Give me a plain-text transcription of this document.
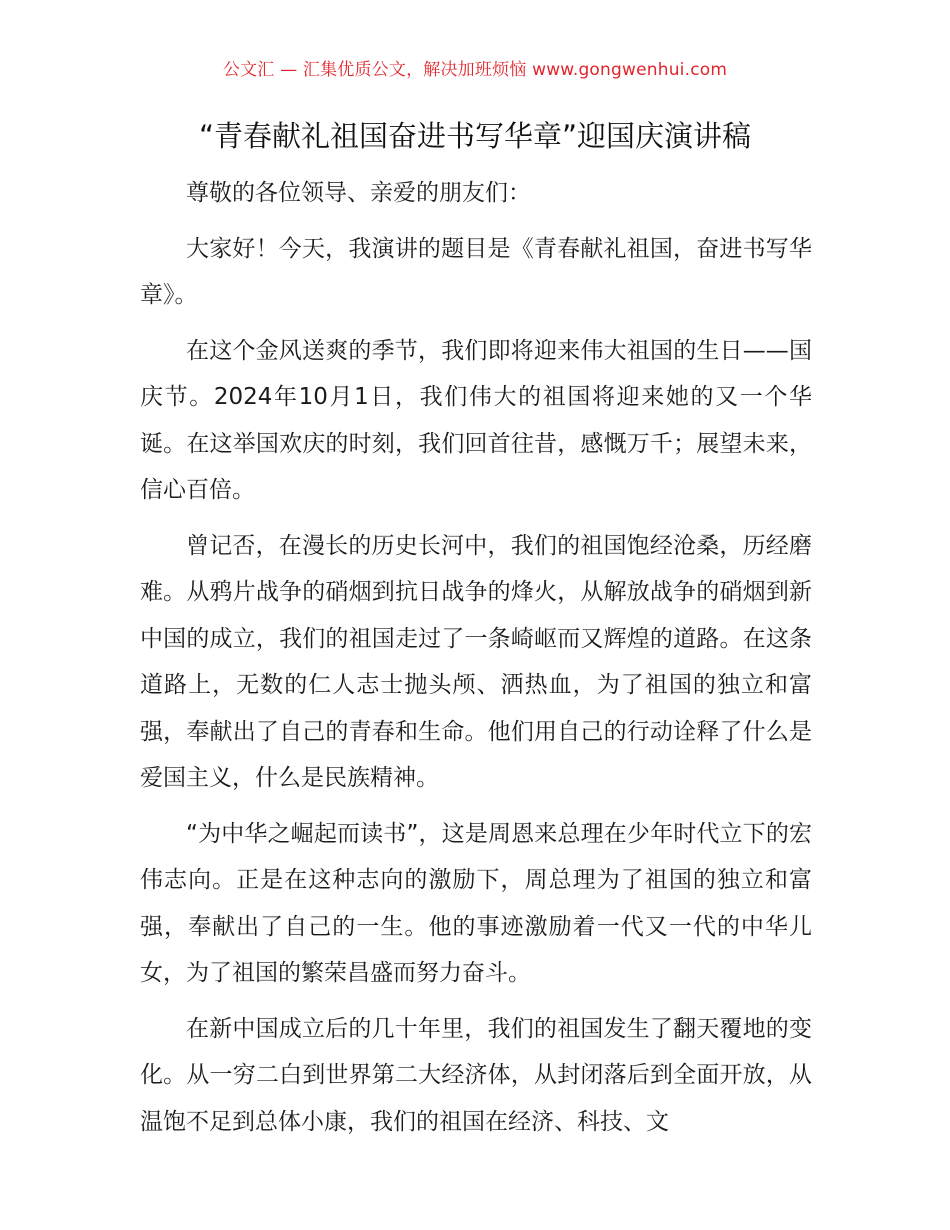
公文汇 — 汇集优质公文，解决加班烦恼 www.gongwenhui.com
“青春献礼祖国奋进书写华章”迎国庆演讲稿

尊敬的各位领导、亲爱的朋友们：

大家好！今天，我演讲的题目是《青春献礼祖国，奋进书写华章》。

在这个金风送爽的季节，我们即将迎来伟大祖国的生日——国庆节。2024年10月1日，我们伟大的祖国将迎来她的又一个华诞。在这举国欢庆的时刻，我们回首往昔，感慨万千；展望未来，信心百倍。

曾记否，在漫长的历史长河中，我们的祖国饱经沧桑，历经磨难。从鸦片战争的硝烟到抗日战争的烽火，从解放战争的硝烟到新中国的成立，我们的祖国走过了一条崎岖而又辉煌的道路。在这条道路上，无数的仁人志士抛头颅、洒热血，为了祖国的独立和富强，奉献出了自己的青春和生命。他们用自己的行动诠释了什么是爱国主义，什么是民族精神。

“为中华之崛起而读书”，这是周恩来总理在少年时代立下的宏伟志向。正是在这种志向的激励下，周总理为了祖国的独立和富强，奉献出了自己的一生。他的事迹激励着一代又一代的中华儿女，为了祖国的繁荣昌盛而努力奋斗。

在新中国成立后的几十年里，我们的祖国发生了翻天覆地的变化。从一穷二白到世界第二大经济体，从封闭落后到全面开放，从温饱不足到总体小康，我们的祖国在经济、科技、文
